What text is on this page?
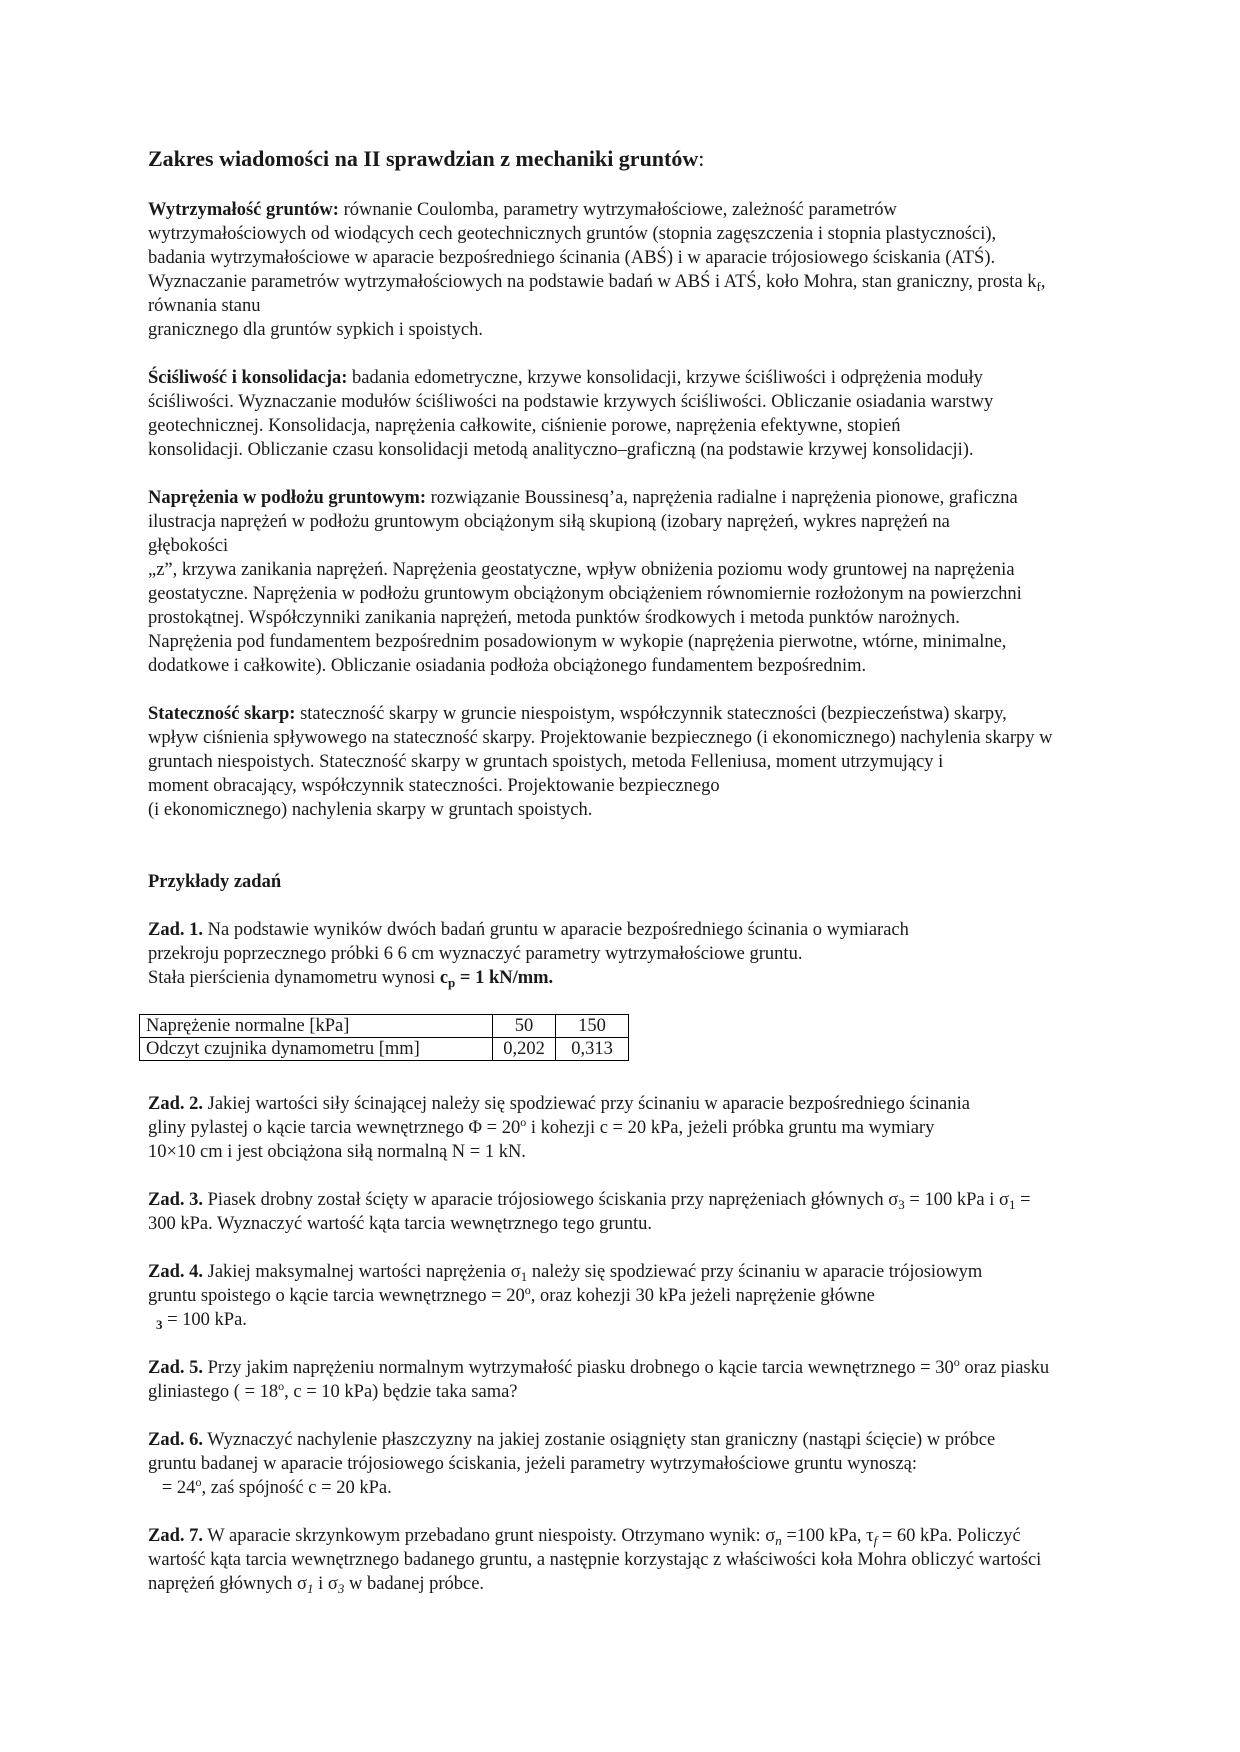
Zakres wiadomości na II sprawdzian z mechaniki gruntów:
Wytrzymałość gruntów: równanie Coulomba, parametry wytrzymałościowe, zależność parametrów
wytrzymałościowych od wiodących cech geotechnicznych gruntów (stopnia zagęszczenia i stopnia plastyczności),
badania wytrzymałościowe w aparacie bezpośredniego ścinania (ABŚ) i w aparacie trójosiowego ściskania (ATŚ).
Wyznaczanie parametrów wytrzymałościowych na podstawie badań w ABŚ i ATŚ, koło Mohra, stan graniczny, prosta $k_f$,
równania stanu
granicznego dla gruntów sypkich i spoistych.
Ściśliwość i konsolidacja: badania edometryczne, krzywe konsolidacji, krzywe ściśliwości i odprężenia moduły
ściśliwości. Wyznaczanie modułów ściśliwości na podstawie krzywych ściśliwości. Obliczanie osiadania warstwy
geotechnicznej. Konsolidacja, naprężenia całkowite, ciśnienie porowe, naprężenia efektywne, stopień
konsolidacji. Obliczanie czasu konsolidacji metodą analityczno–graficzną (na podstawie krzywej konsolidacji).
Naprężenia w podłożu gruntowym: rozwiązanie Boussinesq’a, naprężenia radialne i naprężenia pionowe, graficzna
ilustracja naprężeń w podłożu gruntowym obciążonym siłą skupioną (izobary naprężeń, wykres naprężeń na
głębokości
„z”, krzywa zanikania naprężeń. Naprężenia geostatyczne, wpływ obniżenia poziomu wody gruntowej na naprężenia
geostatyczne. Naprężenia w podłożu gruntowym obciążonym obciążeniem równomiernie rozłożonym na powierzchni
prostokątnej. Współczynniki zanikania naprężeń, metoda punktów środkowych i metoda punktów narożnych.
Naprężenia pod fundamentem bezpośrednim posadowionym w wykopie (naprężenia pierwotne, wtórne, minimalne,
dodatkowe i całkowite). Obliczanie osiadania podłoża obciążonego fundamentem bezpośrednim.
Stateczność skarp: stateczność skarpy w gruncie niespoistym, współczynnik stateczności (bezpieczeństwa) skarpy,
wpływ ciśnienia spływowego na stateczność skarpy. Projektowanie bezpiecznego (i ekonomicznego) nachylenia skarpy w
gruntach niespoistych. Stateczność skarpy w gruntach spoistych, metoda Felleniusa, moment utrzymujący i
moment obracający, współczynnik stateczności. Projektowanie bezpiecznego
(i ekonomicznego) nachylenia skarpy w gruntach spoistych.
Przykłady zadań
Zad. 1. Na podstawie wyników dwóch badań gruntu w aparacie bezpośredniego ścinania o wymiarach
przekroju poprzecznego próbki 6 6 cm wyznaczyć parametry wytrzymałościowe gruntu.
Stała pierścienia dynamometru wynosi $c_p = 1$ kN/mm.
Naprężenie normalne [kPa]	50	150
Odczyt czujnika dynamometru [mm]	0,202	0,313
Zad. 2. Jakiej wartości siły ścinającej należy się spodziewać przy ścinaniu w aparacie bezpośredniego ścinania
gliny pylastej o kącie tarcia wewnętrznego $\Phi = 20^o$ i kohezji c = 20 kPa, jeżeli próbka gruntu ma wymiary
10×10 cm i jest obciążona siłą normalną N = 1 kN.
Zad. 3. Piasek drobny został ścięty w aparacie trójosiowego ściskania przy naprężeniach głównych $\sigma_3 = 100$ kPa i $\sigma_1$ =
300 kPa. Wyznaczyć wartość kąta tarcia wewnętrznego tego gruntu.
Zad. 4. Jakiej maksymalnej wartości naprężenia $\sigma_1$ należy się spodziewać przy ścinaniu w aparacie trójosiowym
gruntu spoistego o kącie tarcia wewnętrznego = $20^o$, oraz kohezji 30 kPa jeżeli naprężenie główne
$_3$ = 100 kPa.
Zad. 5. Przy jakim naprężeniu normalnym wytrzymałość piasku drobnego o kącie tarcia wewnętrznego = $30^o$ oraz piasku
gliniastego ( = $18^o$, c = 10 kPa) będzie taka sama?
Zad. 6. Wyznaczyć nachylenie płaszczyzny na jakiej zostanie osiągnięty stan graniczny (nastąpi ścięcie) w próbce
gruntu badanej w aparacie trójosiowego ściskania, jeżeli parametry wytrzymałościowe gruntu wynoszą:
= $24^o$, zaś spójność c = 20 kPa.
Zad. 7. W aparacie skrzynkowym przebadano grunt niespoisty. Otrzymano wynik: $\sigma_n =100$ kPa, $\tau_f = 60$ kPa. Policzyć
wartość kąta tarcia wewnętrznego badanego gruntu, a następnie korzystając z właściwości koła Mohra obliczyć wartości
naprężeń głównych $\sigma_1$ i $\sigma_3$ w badanej próbce.
